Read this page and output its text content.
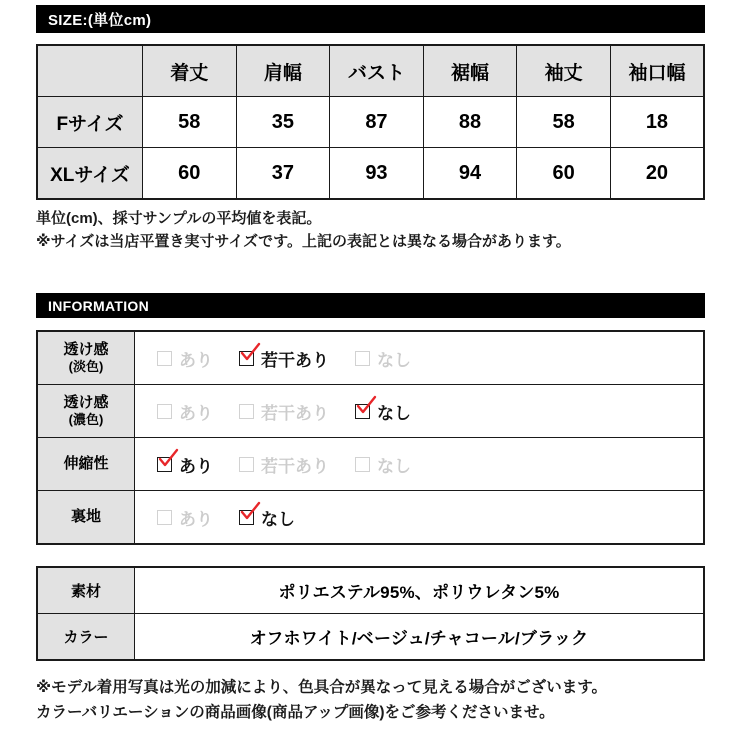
SIZE:(単位cm)
	着丈	肩幅	バスト	裾幅	袖丈	袖口幅
Fサイズ	58	35	87	88	58	18
XLサイズ	60	37	93	94	60	20
単位(cm)、採寸サンプルの平均値を表記。
※サイズは当店平置き実寸サイズです。上記の表記とは異なる場合があります。
INFORMATION
透け感
(淡色)	あり 若干あり なし

透け感
(濃色)	あり 若干あり なし

伸縮性	あり 若干あり なし

裏地	あり なし
素材	ポリエステル95%、ポリウレタン5%
カラー	オフホワイト/ベージュ/チャコール/ブラック
※モデル着用写真は光の加減により、色具合が異なって見える場合がございます。
カラーバリエーションの商品画像(商品アップ画像)をご参考くださいませ。
